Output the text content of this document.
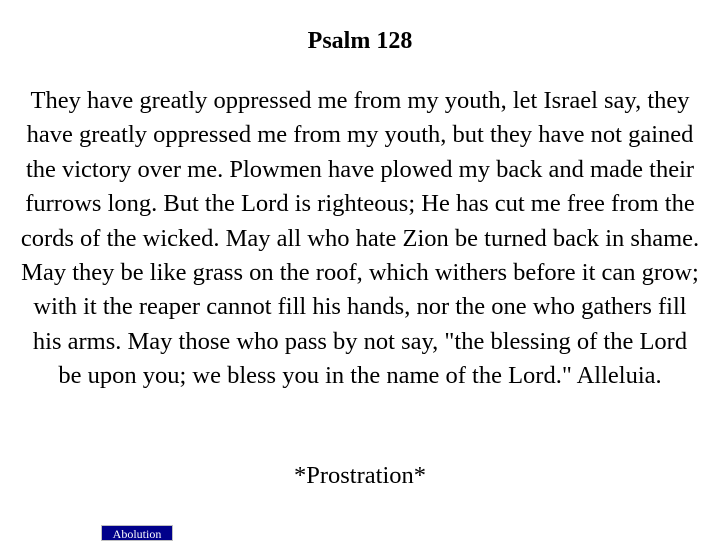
Psalm 128

They have greatly oppressed me from my youth, let Israel say, they have greatly oppressed me from my youth, but they have not gained the victory over me. Plowmen have plowed my back and made their furrows long. But the Lord is righteous; He has cut me free from the cords of the wicked. May all who hate Zion be turned back in shame. May they be like grass on the roof, which withers before it can grow; with it the reaper cannot fill his hands, nor the one who gathers fill his arms. May those who pass by not say, "the blessing of the Lord be upon you; we bless you in the name of the Lord." Alleluia.

*Prostration*
Abolution
